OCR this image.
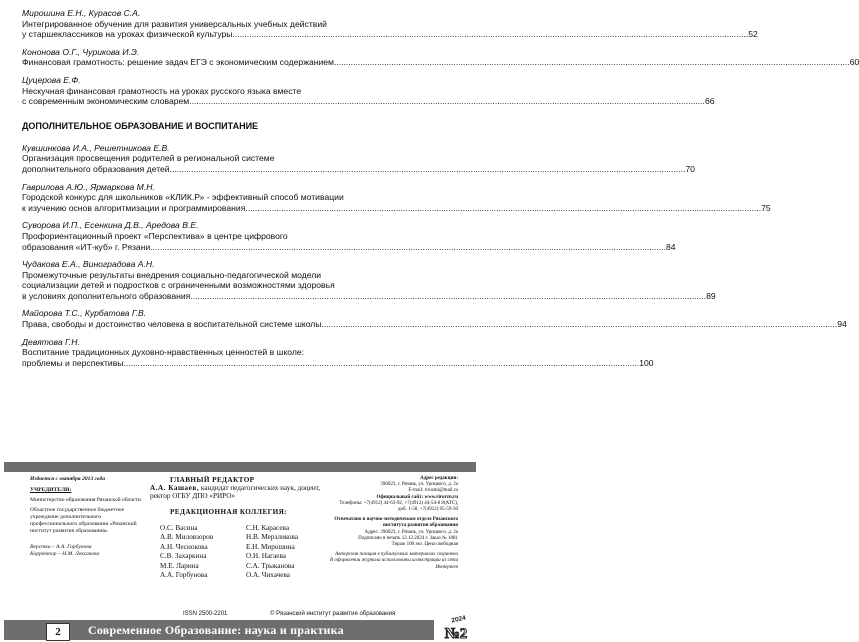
Мирошина Е.Н., Курасов С.А.
Интегрированное обучение для развития универсальных учебных действий
у старшеклассников на уроках физической культуры .....	52
Кононова О.Г., Чурикова И.Э.
Финансовая грамотность: решение задач ЕГЭ с экономическим содержанием .....	60
Цуцерова Е.Ф.
Нескучная финансовая грамотность на уроках русского языка вместе
с современным экономическим словарем .....	66
ДОПОЛНИТЕЛЬНОЕ ОБРАЗОВАНИЕ И ВОСПИТАНИЕ
Кувшинкова И.А., Решетникова Е.В.
Организация просвещения родителей в региональной системе
дополнительного образования детей .....	70
Гаврилова А.Ю., Ярмаркова М.Н.
Городской конкурс для школьников «КЛИК.Р» - эффективный способ мотивации
к изучению основ алгоритмизации и программирования .....	75
Суворова И.П., Есенкина Д.В., Аредова В.Е.
Профориентационный проект «Перспектива» в центре цифрового
образования «ИТ-куб» г. Рязани .....	84
Чудакова Е.А., Виноградова А.Н.
Промежуточные результаты внедрения социально-педагогической модели
социализации детей и подростков с ограниченными возможностями здоровья
в условиях дополнительного образования .....	89
Майорова Т.С., Курбатова Г.В.
Права, свободы и достоинство человека в воспитательной системе школы .....	94
Девятова Г.Н.
Воспитание традиционных духовно-нравственных ценностей в школе:
проблемы и перспективы .....	100
Издается с октября 2013 года
УЧРЕДИТЕЛИ:
Министерство образования Рязанской области
Областное государственное бюджетное учреждение дополнительного профессионального образования «Рязанский институт развития образования»
Верстка – А.А. Горбунова
Корректор – Н.М. Лексакова
ГЛАВНЫЙ РЕДАКТОР
А.А. Кашаев, кандидат педагогических наук, доцент, ректор ОГБУ ДПО «РИРО»
РЕДАКЦИОННАЯ КОЛЛЕГИЯ:
О.С. Васина
А.В. Миловзоров
А.Н. Чеснокова
С.В. Захаркина
М.Е. Ларина
А.А. Горбунова
С.Н. Карасева
Н.В. Мерзликова
Е.Н. Мирошина
О.Н. Нагаева
С.А. Трыканова
О.А. Чихачева
Адрес редакции:
390023, г. Рязань, ул. Урицкого, д. 2а
E-mail: rirosmi@mail.ru
Официальный сайт: www.rirorzn.ru
Телефоны: +7(4912) 44-63-92, +7(4912) 44-54-8 8(АТС), доб. 1-58, +7(4912) 95-59-30
Отпечатано в научно-методическом отделе Рязанского института развития образования
Адрес: 390023, г. Рязань, ул. Урицкого, д. 2а
Подписано в печать 12.12.2024 г. Заказ № 1881
Тираж 100 экз. Цена свободная
Авторская позиция в публикуемых материалах сохранена
В оформлении журнала использованы иллюстрации из сети Интернет
ISSN 2500-2201	© Рязанский институт развития образования
2	Современное Образование: наука и практика
2024
№2
